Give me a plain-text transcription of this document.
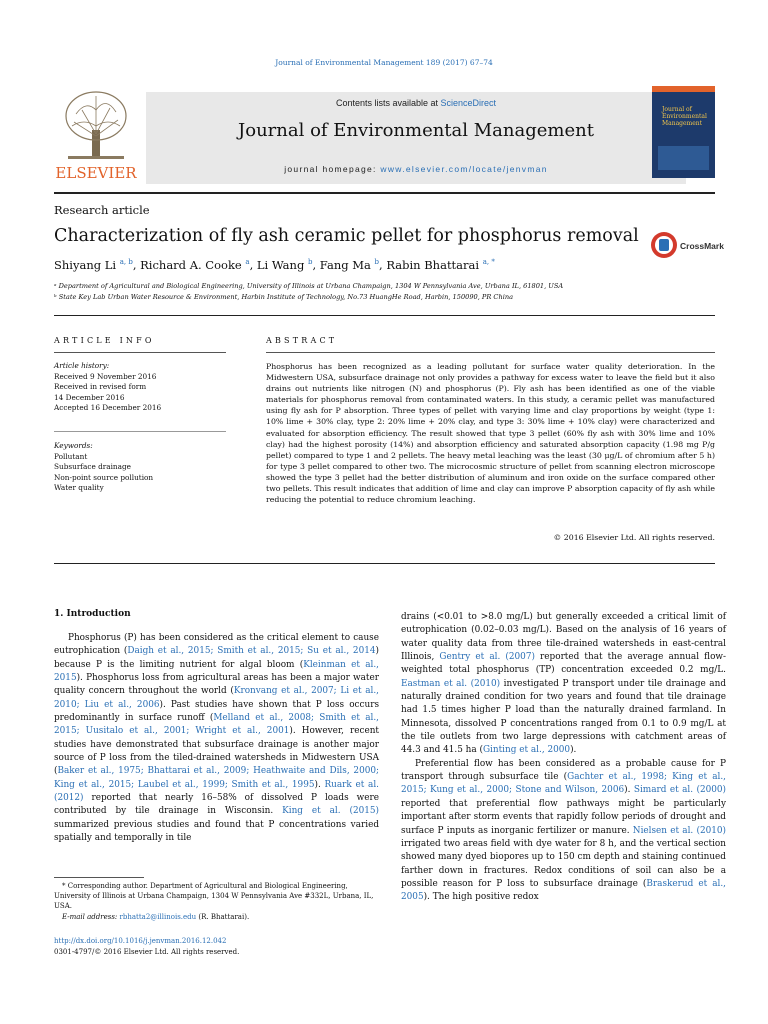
Journal of Environmental Management 189 (2017) 67–74
ELSEVIER
Contents lists available at ScienceDirect
Journal of Environmental Management
journal homepage: www.elsevier.com/locate/jenvman
Journal of Environmental Management
Research article
Characterization of fly ash ceramic pellet for phosphorus removal	CrossMark
Shiyang Li $^{a, b}$, Richard A. Cooke $^a$, Li Wang $^b$, Fang Ma $^b$, Rabin Bhattarai $^{a, *}$
ᵃ Department of Agricultural and Biological Engineering, University of Illinois at Urbana Champaign, 1304 W Pennsylvania Ave, Urbana IL, 61801, USA
ᵇ State Key Lab Urban Water Resource & Environment, Harbin Institute of Technology, No.73 HuangHe Road, Harbin, 150090, PR China
ARTICLE INFO	ABSTRACT
Article history:
Received 9 November 2016
Received in revised form
14 December 2016
Accepted 16 December 2016
Keywords:
Pollutant
Subsurface drainage
Non-point source pollution
Water quality
Phosphorus has been recognized as a leading pollutant for surface water quality deterioration. In the Midwestern USA, subsurface drainage not only provides a pathway for excess water to leave the field but it also drains out nutrients like nitrogen (N) and phosphorus (P). Fly ash has been identified as one of the viable materials for phosphorus removal from contaminated waters. In this study, a ceramic pellet was manufactured using fly ash for P absorption. Three types of pellet with varying lime and clay proportions by weight (type 1: 10% lime + 30% clay, type 2: 20% lime + 20% clay, and type 3: 30% lime + 10% clay) were characterized and evaluated for absorption efficiency. The result showed that type 3 pellet (60% fly ash with 30% lime and 10% clay) had the highest porosity (14%) and absorption efficiency and saturated absorption capacity (1.98 mg P/g pellet) compared to type 1 and 2 pellets. The heavy metal leaching was the least (30 μg/L of chromium after 5 h) for type 3 pellet compared to other two. The microcosmic structure of pellet from scanning electron microscope showed the type 3 pellet had the better distribution of aluminum and iron oxide on the surface compared other two pellets. This result indicates that addition of lime and clay can improve P absorption capacity of fly ash while reducing the potential to reduce chromium leaching.
© 2016 Elsevier Ltd. All rights reserved.
1. Introduction

Phosphorus (P) has been considered as the critical element to cause eutrophication (Daigh et al., 2015; Smith et al., 2015; Su et al., 2014) because P is the limiting nutrient for algal bloom (Kleinman et al., 2015). Phosphorus loss from agricultural areas has been a major water quality concern throughout the world (Kronvang et al., 2007; Li et al., 2010; Liu et al., 2006). Past studies have shown that P loss occurs predominantly in surface runoff (Melland et al., 2008; Smith et al., 2015; Uusitalo et al., 2001; Wright et al., 2001). However, recent studies have demonstrated that subsurface drainage is another major source of P loss from the tiled-drained watersheds in Midwestern USA (Baker et al., 1975; Bhattarai et al., 2009; Heathwaite and Dils, 2000; King et al., 2015; Laubel et al., 1999; Smith et al., 1995). Ruark et al. (2012) reported that nearly 16–58% of dissolved P loads were contributed by tile drainage in Wisconsin. King et al. (2015) summarized previous studies and found that P concentrations varied spatially and temporally in tile

drains (<0.01 to >8.0 mg/L) but generally exceeded a critical limit of eutrophication (0.02–0.03 mg/L). Based on the analysis of 16 years of water quality data from three tile-drained watersheds in east-central Illinois, Gentry et al. (2007) reported that the average annual flow-weighted total phosphorus (TP) concentration exceeded 0.2 mg/L. Eastman et al. (2010) investigated P transport under tile drainage and naturally drained condition for two years and found that tile drainage had 1.5 times higher P load than the naturally drained farmland. In Minnesota, dissolved P concentrations ranged from 0.1 to 0.9 mg/L at the tile outlets from two large depressions with catchment areas of 44.3 and 41.5 ha (Ginting et al., 2000).

Preferential flow has been considered as a probable cause for P transport through subsurface tile (Gachter et al., 1998; King et al., 2015; Kung et al., 2000; Stone and Wilson, 2006). Simard et al. (2000) reported that preferential flow pathways might be particularly important after storm events that rapidly follow periods of drought and surface P inputs as inorganic fertilizer or manure. Nielsen et al. (2010) irrigated two areas field with dye water for 8 h, and the vertical section showed many dyed biopores up to 150 cm depth and staining continued farther down in fractures. Redox conditions of soil can also be a possible reason for P loss to subsurface drainage (Braskerud et al., 2005). The high positive redox

* Corresponding author. Department of Agricultural and Biological Engineering, University of Illinois at Urbana Champaign, 1304 W Pennsylvania Ave #332L, Urbana, IL, USA.
E-mail address: rbhatta2@illinois.edu (R. Bhattarai).
http://dx.doi.org/10.1016/j.jenvman.2016.12.042
0301-4797/© 2016 Elsevier Ltd. All rights reserved.
